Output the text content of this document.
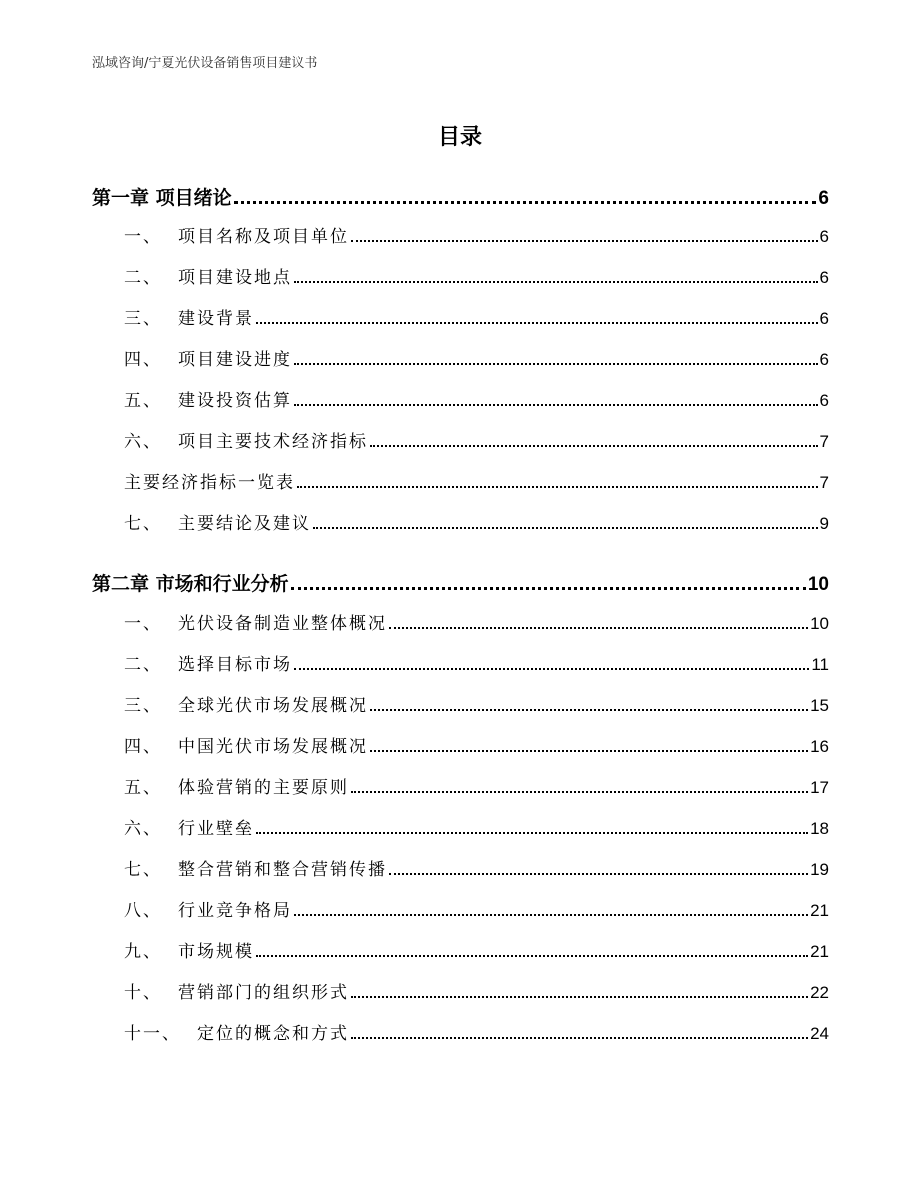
泓域咨询/宁夏光伏设备销售项目建议书
目录
第一章 项目绪论	6
一、 项目名称及项目单位	6
二、 项目建设地点	6
三、 建设背景	6
四、 项目建设进度	6
五、 建设投资估算	6
六、 项目主要技术经济指标	7
主要经济指标一览表	7
七、 主要结论及建议	9
第二章 市场和行业分析	10
一、 光伏设备制造业整体概况	10
二、 选择目标市场	11
三、 全球光伏市场发展概况	15
四、 中国光伏市场发展概况	16
五、 体验营销的主要原则	17
六、 行业壁垒	18
七、 整合营销和整合营销传播	19
八、 行业竞争格局	21
九、 市场规模	21
十、 营销部门的组织形式	22
十一、 定位的概念和方式	24
